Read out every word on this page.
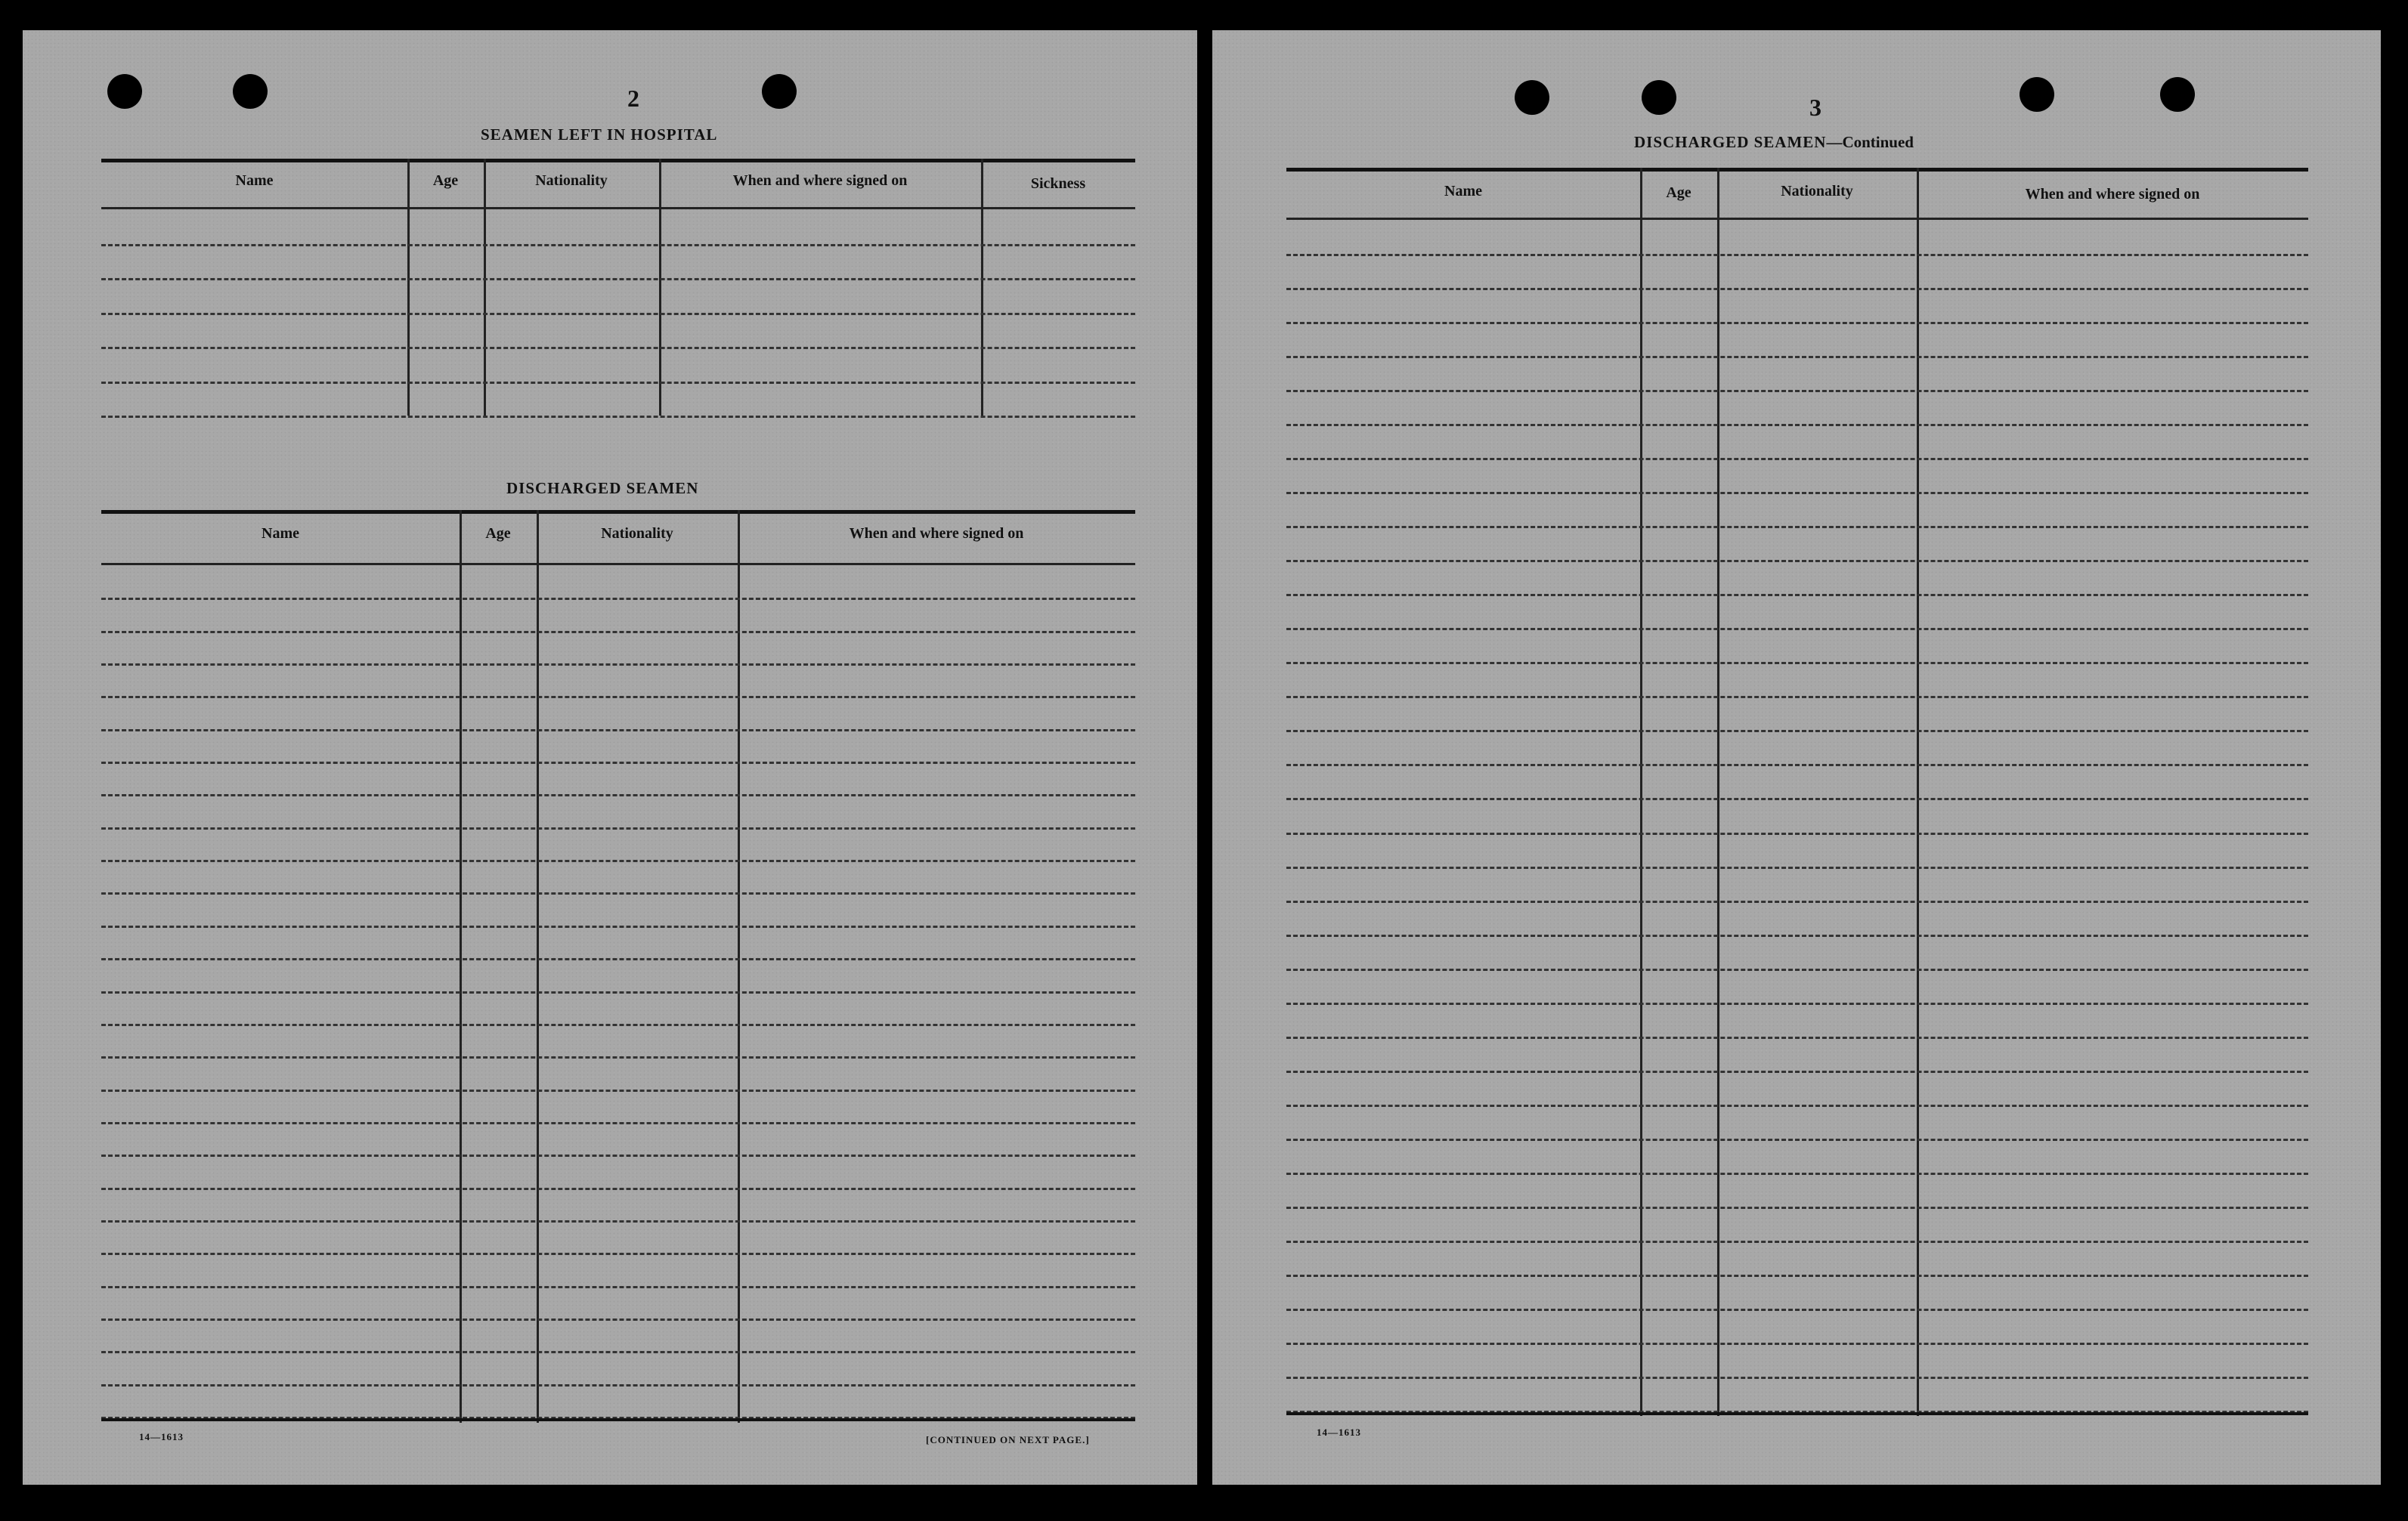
2
SEAMEN LEFT IN HOSPITAL
Name	Age	Nationality	When and where signed on	Sickness
DISCHARGED SEAMEN
Name	Age	Nationality	When and where signed on
14—1613	[CONTINUED ON NEXT PAGE.]
3
DISCHARGED SEAMEN—Continued
Name	Age	Nationality	When and where signed on
14—1613
